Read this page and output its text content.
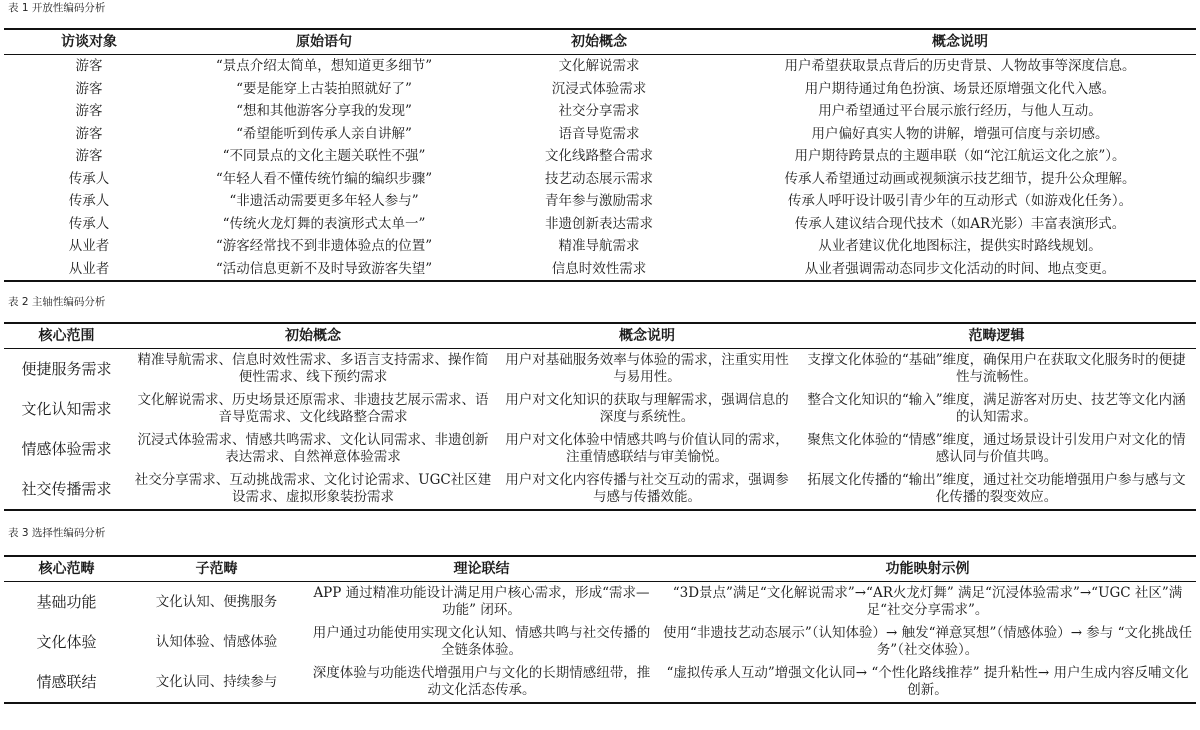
表 1 开放性编码分析
访谈对象	原始语句	初始概念	概念说明
游客	“景点介绍太简单，想知道更多细节”	文化解说需求	用户希望获取景点背后的历史背景、人物故事等深度信息。
游客	“要是能穿上古装拍照就好了”	沉浸式体验需求	用户期待通过角色扮演、场景还原增强文化代入感。
游客	“想和其他游客分享我的发现”	社交分享需求	用户希望通过平台展示旅行经历，与他人互动。
游客	“希望能听到传承人亲自讲解”	语音导览需求	用户偏好真实人物的讲解，增强可信度与亲切感。
游客	“不同景点的文化主题关联性不强”	文化线路整合需求	用户期待跨景点的主题串联（如“沱江航运文化之旅”）。
传承人	“年轻人看不懂传统竹编的编织步骤”	技艺动态展示需求	传承人希望通过动画或视频演示技艺细节，提升公众理解。
传承人	“非遗活动需要更多年轻人参与”	青年参与激励需求	传承人呼吁设计吸引青少年的互动形式（如游戏化任务）。
传承人	“传统火龙灯舞的表演形式太单一”	非遗创新表达需求	传承人建议结合现代技术（如AR光影）丰富表演形式。
从业者	“游客经常找不到非遗体验点的位置”	精准导航需求	从业者建议优化地图标注，提供实时路线规划。
从业者	“活动信息更新不及时导致游客失望”	信息时效性需求	从业者强调需动态同步文化活动的时间、地点变更。
表 2 主轴性编码分析
核心范围	初始概念	概念说明	范畴逻辑
便捷服务需求	精准导航需求、信息时效性需求、多语言支持需求、操作简便性需求、线下预约需求	用户对基础服务效率与体验的需求，注重实用性与易用性。	支撑文化体验的“基础”维度，确保用户在获取文化服务时的便捷性与流畅性。
文化认知需求	文化解说需求、历史场景还原需求、非遗技艺展示需求、语音导览需求、文化线路整合需求	用户对文化知识的获取与理解需求，强调信息的深度与系统性。	整合文化知识的“输入”维度，满足游客对历史、技艺等文化内涵的认知需求。
情感体验需求	沉浸式体验需求、情感共鸣需求、文化认同需求、非遗创新表达需求、自然禅意体验需求	用户对文化体验中情感共鸣与价值认同的需求，注重情感联结与审美愉悦。	聚焦文化体验的“情感”维度，通过场景设计引发用户对文化的情感认同与价值共鸣。
社交传播需求	社交分享需求、互动挑战需求、文化讨论需求、UGC社区建设需求、虚拟形象装扮需求	用户对文化内容传播与社交互动的需求，强调参与感与传播效能。	拓展文化传播的“输出”维度，通过社交功能增强用户参与感与文化传播的裂变效应。
表 3 选择性编码分析
核心范畴	子范畴	理论联结	功能映射示例
基础功能	文化认知、便携服务	APP 通过精准功能设计满足用户核心需求，形成“需求—功能” 闭环。	“3D景点”满足“文化解说需求”→“AR火龙灯舞” 满足“沉浸体验需求”→“UGC 社区”满足“社交分享需求”。
文化体验	认知体验、情感体验	用户通过功能使用实现文化认知、情感共鸣与社交传播的全链条体验。	使用“非遗技艺动态展示”（认知体验）→ 触发“禅意冥想”（情感体验）→ 参与 “文化挑战任务”（社交体验）。
情感联结	文化认同、持续参与	深度体验与功能迭代增强用户与文化的长期情感纽带，推动文化活态传承。	“虚拟传承人互动”增强文化认同→ “个性化路线推荐” 提升粘性→ 用户生成内容反哺文化创新。
